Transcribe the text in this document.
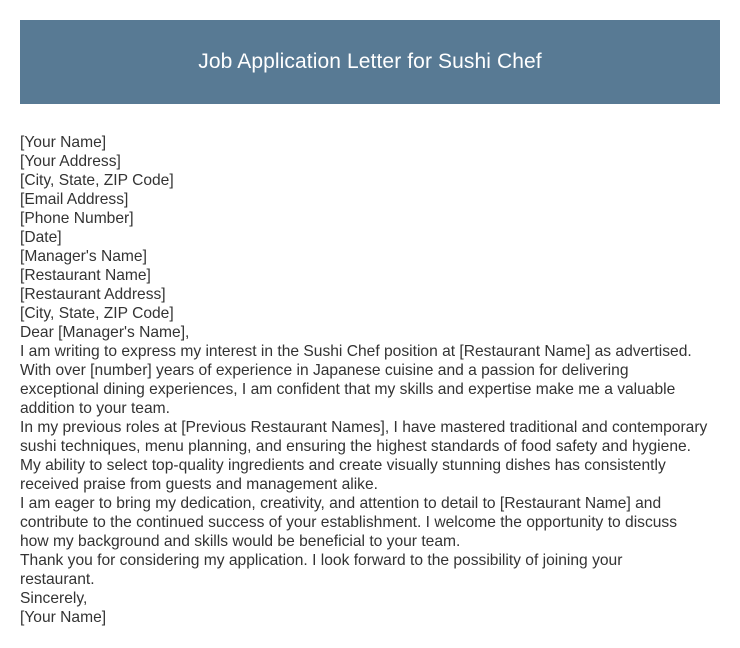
Job Application Letter for Sushi Chef
[Your Name]
[Your Address]
[City, State, ZIP Code]
[Email Address]
[Phone Number]
[Date]
[Manager's Name]
[Restaurant Name]
[Restaurant Address]
[City, State, ZIP Code]
Dear [Manager's Name],
I am writing to express my interest in the Sushi Chef position at [Restaurant Name] as advertised.
With over [number] years of experience in Japanese cuisine and a passion for delivering
exceptional dining experiences, I am confident that my skills and expertise make me a valuable
addition to your team.
In my previous roles at [Previous Restaurant Names], I have mastered traditional and contemporary
sushi techniques, menu planning, and ensuring the highest standards of food safety and hygiene.
My ability to select top-quality ingredients and create visually stunning dishes has consistently
received praise from guests and management alike.
I am eager to bring my dedication, creativity, and attention to detail to [Restaurant Name] and
contribute to the continued success of your establishment. I welcome the opportunity to discuss
how my background and skills would be beneficial to your team.
Thank you for considering my application. I look forward to the possibility of joining your
restaurant.
Sincerely,
[Your Name]
